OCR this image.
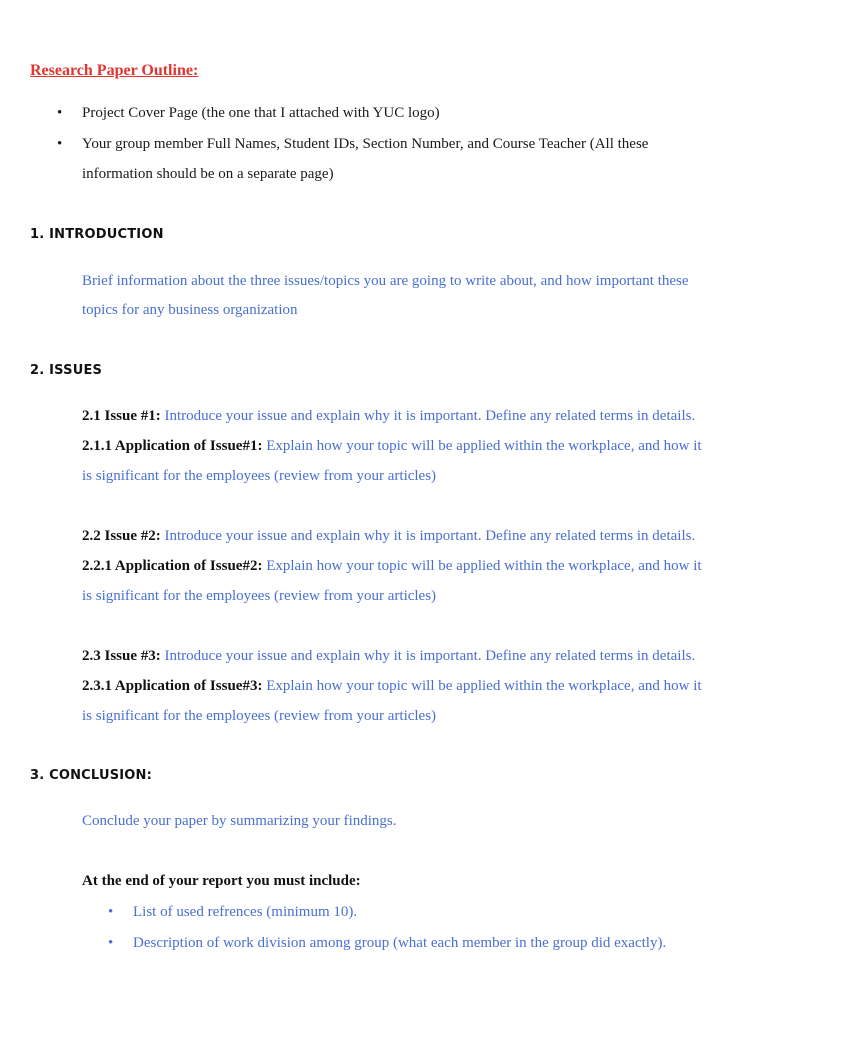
Research Paper Outline:
• Project Cover Page (the one that I attached with YUC logo)
• Your group member Full Names, Student IDs, Section Number, and Course Teacher (All these
information should be on a separate page)
1. INTRODUCTION
Brief information about the three issues/topics you are going to write about, and how important these
topics for any business organization
2. ISSUES
2.1 Issue #1: Introduce your issue and explain why it is important. Define any related terms in details.
2.1.1 Application of Issue#1: Explain how your topic will be applied within the workplace, and how it
is significant for the employees (review from your articles)
2.2 Issue #2: Introduce your issue and explain why it is important. Define any related terms in details.
2.2.1 Application of Issue#2: Explain how your topic will be applied within the workplace, and how it
is significant for the employees (review from your articles)
2.3 Issue #3: Introduce your issue and explain why it is important. Define any related terms in details.
2.3.1 Application of Issue#3: Explain how your topic will be applied within the workplace, and how it
is significant for the employees (review from your articles)
3. CONCLUSION:
Conclude your paper by summarizing your findings.
At the end of your report you must include:
• List of used refrences (minimum 10).
• Description of work division among group (what each member in the group did exactly).
